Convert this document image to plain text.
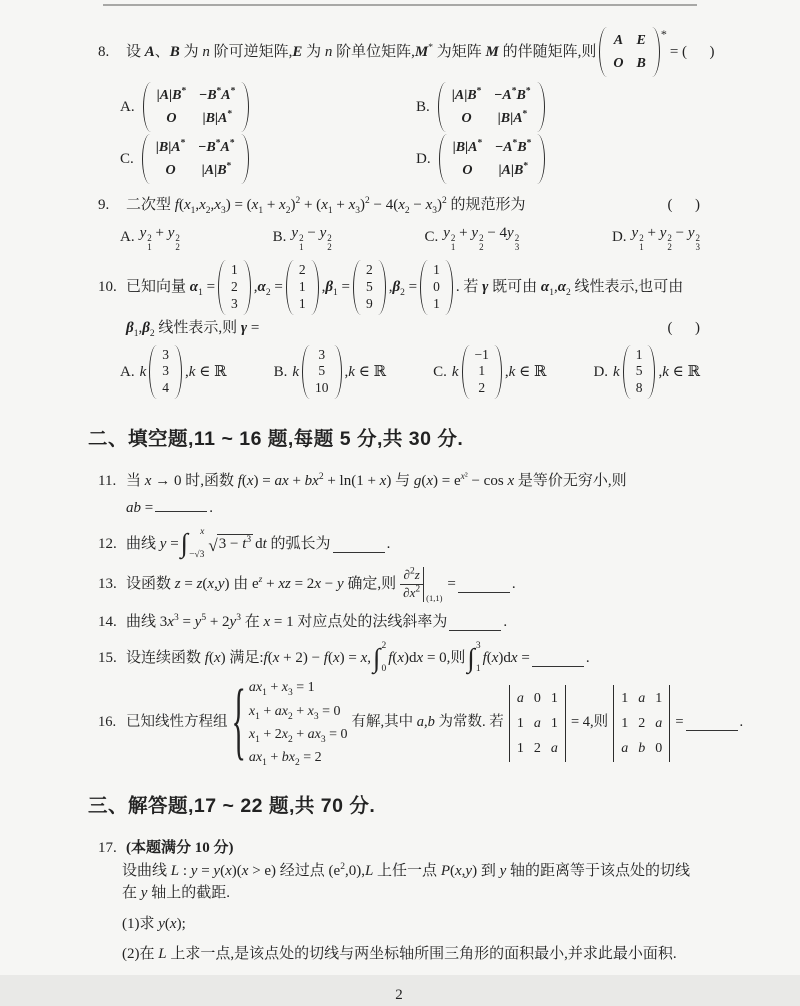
8.	设 A、B 为 n 阶可逆矩阵,E 为 n 阶单位矩阵,M* 为矩阵 M 的伴随矩阵,则
A E
O B
*
= (      )
A.
|A|B* −B*A*
O |B|A*	B.
|A|B* −A*B*
O |B|A*
C.
|B|A* −B*A*
O |A|B*	D.
|B|A* −A*B*
O |A|B*
9.	二次型 $f(x_1,x_2,x_3) = (x_1 + x_2)^2 + (x_1 + x_3)^2 - 4(x_2 - x_3)^2$ 的规范形为	(      )
A. y 2
1
+ y 2
2
B. y 2
1
− y 2
2
C. y 2
1
+ y 2
2
− 4y 2
3
D. y 2
1
+ y 2
2
− y 2
3
10. 已知向量 $\alpha_1$ =
1
2
3
$,\alpha_2$ =
2
1
1
$,\beta_1$ =
2
5
9
$,\beta_2$ =
1
0
1
. 若 γ 既可由 $\alpha_1,\alpha_2$ 线性表示,也可由
$\beta_1,\beta_2$ 线性表示,则 γ =	(      )
A. k
3
3
4
,k ∈ ℝ	B. k
3
5
10
,k ∈ ℝ	C. k
−1
1
2
,k ∈ ℝ	D. k
1
5
8
,k ∈ ℝ
二、填空题,11 ~ 16 题,每题 5 分,共 30 分.
11. 当 x → 0 时,函数 f(x) = ax + $bx^2 + \ln(1 + x)$ 与 $g(x) = e^{x^2} - \cos x$ 是等价无穷小,则
ab =	.
12. 曲线 y = ∫ x
−√3 √ $3 - t^3$ dt 的弧长为	.
13. 设函数 z = z(x,y) 由 $e^z$ + xz = 2x − y 确定,则 $\frac{\partial^2z}{\partial x^2} (1,1)$
=	.
14. 曲线 $3x^3 = y^5 + 2y^3$ 在 x = 1 对应点处的法线斜率为	.
15. 设连续函数 f(x) 满足:f(x + 2) − f(x) = x, ∫ 2
0
f(x)dx = 0,则 ∫ 3
1
f(x)dx =	.
16. 已知线性方程组 { $ax_1 + x_3 = 1$
$x_1 + ax_2 + x_3 = 0$
$x_1 + 2x_2 + ax_3 = 0$
$ax_1 + bx_2 = 2$
有解,其中 a,b 为常数. 若
a 0 1
1 a 1
1 2 a
= 4,则
1 a 1
1 2 a
a b 0
=	.
三、解答题,17 ~ 22 题,共 70 分.
17. (本题满分 10 分)
设曲线 L : y = y(x)(x > e) 经过点 $(e^2,0),L$ 上任一点 P(x,y) 到 y 轴的距离等于该点处的切线
在 y 轴上的截距.
(1)求 y(x);
(2)在 L 上求一点,是该点处的切线与两坐标轴所围三角形的面积最小,并求此最小面积.
2
